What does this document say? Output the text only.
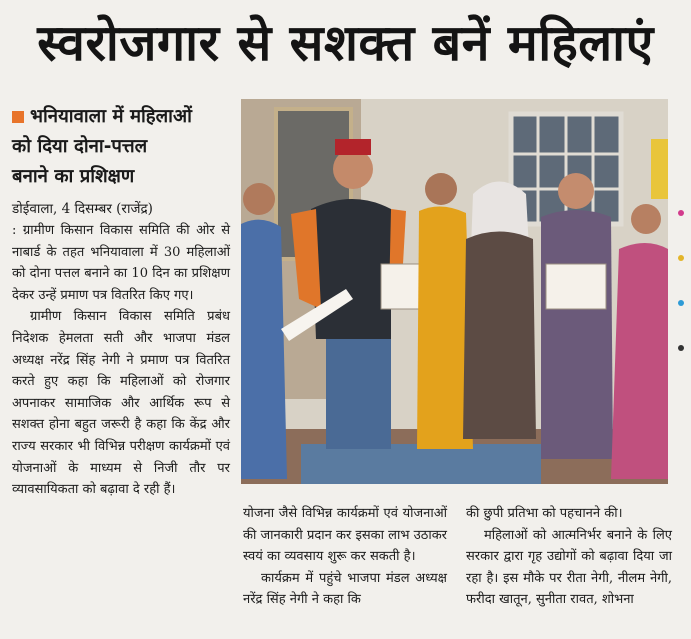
स्वरोजगार से सशक्त बनें महिलाएं
भनियावाला में महिलाओं
को दिया दोना-पत्तल
बनाने का प्रशिक्षण
डोईवाला, 4 दिसम्बर (राजेंद्र)
: ग्रामीण किसान विकास समिति की ओर से नाबार्ड के तहत भनियावाला में 30 महिलाओं को दोना पत्तल बनाने का 10 दिन का प्रशिक्षण देकर उन्हें प्रमाण पत्र वितरित किए गए।
ग्रामीण किसान विकास समिति प्रबंध निदेशक हेमलता सती और भाजपा मंडल अध्यक्ष नरेंद्र सिंह नेगी ने प्रमाण पत्र वितरित करते हुए कहा कि महिलाओं को रोजगार अपनाकर सामाजिक और आर्थिक रूप से सशक्त होना बहुत जरूरी है कहा कि केंद्र और राज्य सरकार भी विभिन्न परीक्षण कार्यक्रमों एवं योजनाओं के माध्यम से निजी तौर पर व्यावसायिकता को बढ़ावा दे रही हैं।
योजना जैसे विभिन्न कार्यक्रमों एवं योजनाओं की जानकारी प्रदान कर इसका लाभ उठाकर स्वयं का व्यवसाय शुरू कर सकती है।
कार्यक्रम में पहुंचे भाजपा मंडल अध्यक्ष नरेंद्र सिंह नेगी ने कहा कि
की छुपी प्रतिभा को पहचानने की।
महिलाओं को आत्मनिर्भर बनाने के लिए सरकार द्वारा गृह उद्योगों को बढ़ावा दिया जा रहा है। इस मौके पर रीता नेगी, नीलम नेगी, फरीदा खातून, सुनीता रावत, शोभना
